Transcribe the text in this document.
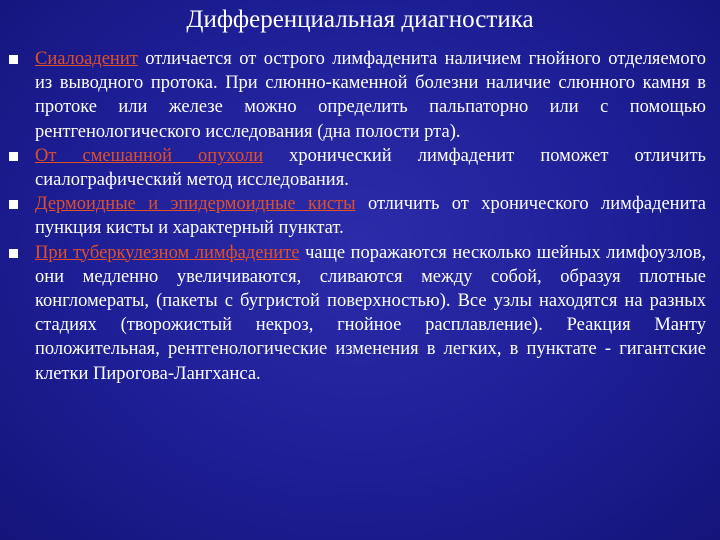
Дифференциальная диагностика
Сиалоаденит отличается от острого лимфаденита наличием гнойного отделяемого из выводного протока. При слюнно-каменной болезни наличие слюнного камня в протоке или железе можно определить пальпаторно или с помощью рентгенологического исследования (дна полости рта).
От смешанной опухоли хронический лимфаденит поможет отличить сиалографический метод исследования.
Дермоидные и эпидермоидные кисты отличить от хронического лимфаденита пункция кисты и характерный пунктат.
При туберкулезном лимфадените чаще поражаются несколько шейных лимфоузлов, они медленно увеличиваются, сливаются между собой, образуя плотные конгломераты, (пакеты с бугристой поверхностью). Все узлы находятся на разных стадиях (творожистый некроз, гнойное расплавление). Реакция Манту положительная, рентгенологические изменения в легких, в пунктате - гигантские клетки Пирогова-Лангханса.
